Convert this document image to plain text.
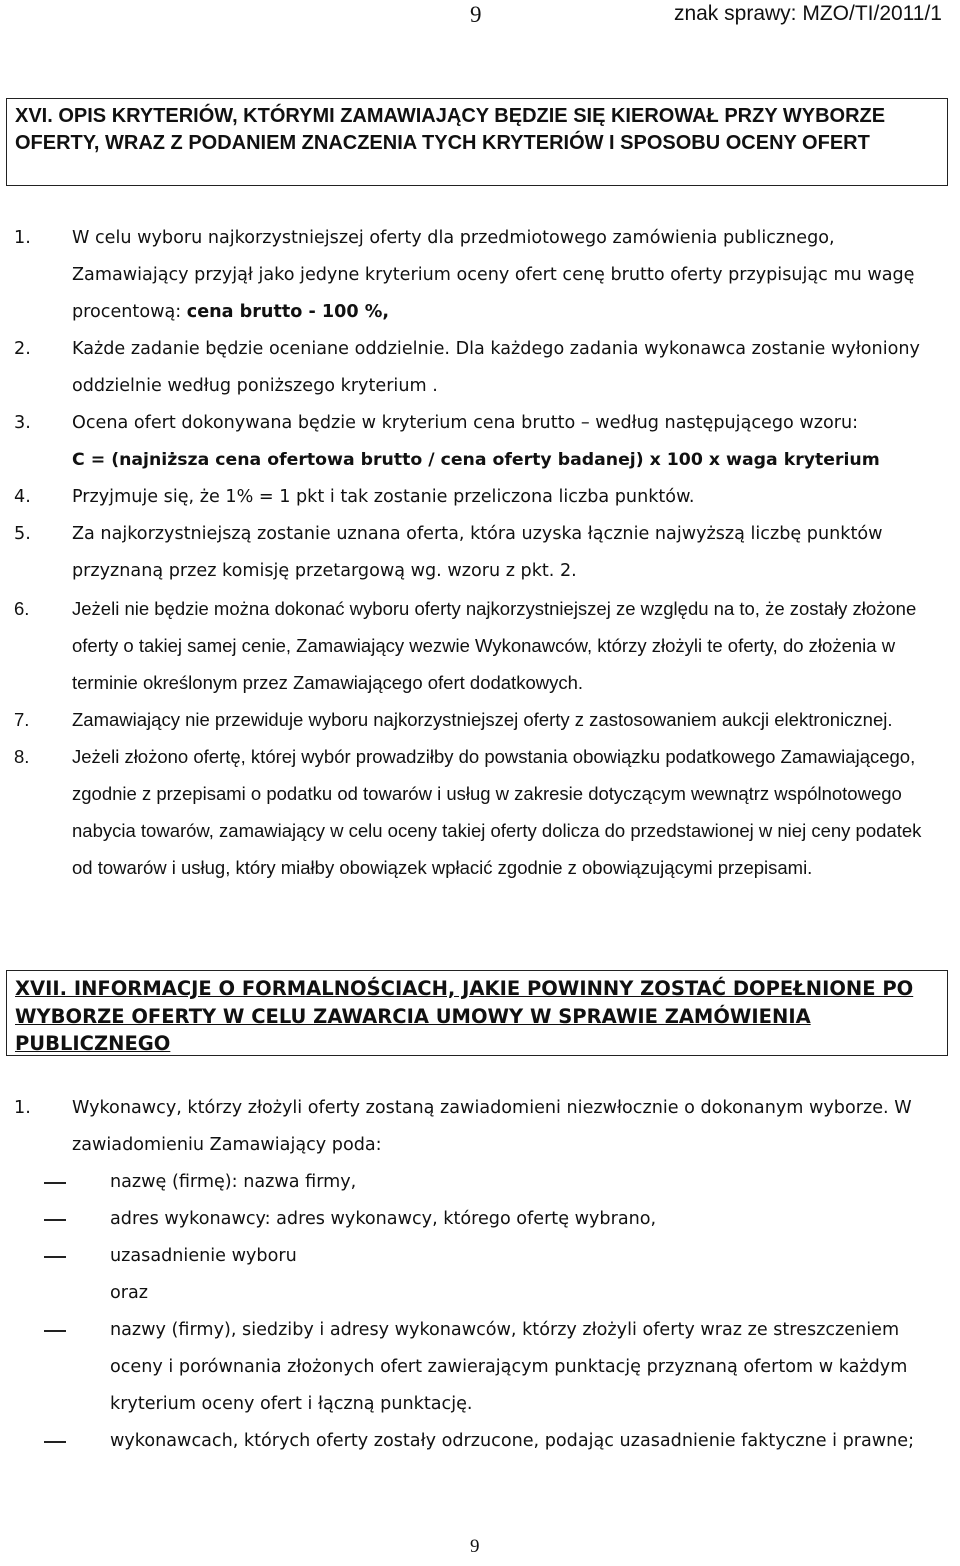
9	znak sprawy: MZO/TI/2011/1
XVI. OPIS KRYTERIÓW, KTÓRYMI ZAMAWIAJĄCY BĘDZIE SIĘ KIEROWAŁ PRZY WYBORZE OFERTY, WRAZ Z PODANIEM ZNACZENIA TYCH KRYTERIÓW I SPOSOBU OCENY OFERT
1. W celu wyboru najkorzystniejszej oferty dla przedmiotowego zamówienia publicznego, Zamawiający przyjął jako jedyne kryterium oceny ofert cenę brutto oferty przypisując mu wagę procentową: cena brutto - 100 %,
2. Każde zadanie będzie oceniane oddzielnie. Dla każdego zadania wykonawca zostanie wyłoniony oddzielnie według poniższego kryterium .
3. Ocena ofert dokonywana będzie w kryterium cena brutto – według następującego wzoru:
C = (najniższa cena ofertowa brutto / cena oferty badanej) x 100 x waga kryterium
4. Przyjmuje się, że 1% = 1 pkt i tak zostanie przeliczona liczba punktów.
5. Za najkorzystniejszą zostanie uznana oferta, która uzyska łącznie najwyższą liczbę punktów przyznaną przez komisję przetargową wg. wzoru z pkt. 2.
6. Jeżeli nie będzie można dokonać wyboru oferty najkorzystniejszej ze względu na to, że zostały złożone oferty o takiej samej cenie, Zamawiający wezwie Wykonawców, którzy złożyli te oferty, do złożenia w terminie określonym przez Zamawiającego ofert dodatkowych.
7. Zamawiający nie przewiduje wyboru najkorzystniejszej oferty z zastosowaniem aukcji elektronicznej.
8. Jeżeli złożono ofertę, której wybór prowadziłby do powstania obowiązku podatkowego Zamawiającego, zgodnie z przepisami o podatku od towarów i usług w zakresie dotyczącym wewnątrz wspólnotowego nabycia towarów, zamawiający w celu oceny takiej oferty dolicza do przedstawionej w niej ceny podatek od towarów i usług, który miałby obowiązek wpłacić zgodnie z obowiązującymi przepisami.
XVII. INFORMACJE O FORMALNOŚCIACH, JAKIE POWINNY ZOSTAĆ DOPEŁNIONE PO WYBORZE OFERTY W CELU ZAWARCIA UMOWY W SPRAWIE ZAMÓWIENIA PUBLICZNEGO
1. Wykonawcy, którzy złożyli oferty zostaną zawiadomieni niezwłocznie o dokonanym wyborze. W zawiadomieniu Zamawiający poda:
nazwę (firmę): nazwa firmy,
adres wykonawcy: adres wykonawcy, którego ofertę wybrano,
uzasadnienie wyboru
oraz
nazwy (firmy), siedziby i adresy wykonawców, którzy złożyli oferty wraz ze streszczeniem oceny i porównania złożonych ofert zawierającym punktację przyznaną ofertom w każdym kryterium oceny ofert i łączną punktację.
wykonawcach, których oferty zostały odrzucone, podając uzasadnienie faktyczne i prawne;
9
